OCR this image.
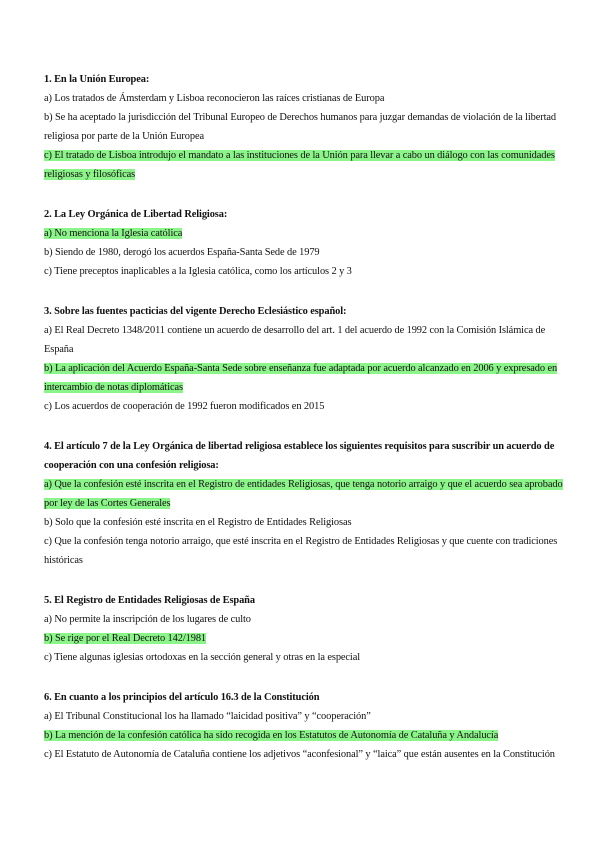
1. En la Unión Europea:

a) Los tratados de Ámsterdam y Lisboa reconocieron las raíces cristianas de Europa

b) Se ha aceptado la jurisdicción del Tribunal Europeo de Derechos humanos para juzgar demandas de violación de la libertad religiosa por parte de la Unión Europea

c) El tratado de Lisboa introdujo el mandato a las instituciones de la Unión para llevar a cabo un diálogo con las comunidades religiosas y filosóficas

2. La Ley Orgánica de Libertad Religiosa:

a) No menciona la Iglesia católica

b) Siendo de 1980, derogó los acuerdos España-Santa Sede de 1979

c) Tiene preceptos inaplicables a la Iglesia católica, como los artículos 2 y 3

3. Sobre las fuentes pacticias del vigente Derecho Eclesiástico español:

a) El Real Decreto 1348/2011 contiene un acuerdo de desarrollo del art. 1 del acuerdo de 1992 con la Comisión Islámica de España

b) La aplicación del Acuerdo España-Santa Sede sobre enseñanza fue adaptada por acuerdo alcanzado en 2006 y expresado en intercambio de notas diplomáticas

c) Los acuerdos de cooperación de 1992 fueron modificados en 2015

4. El artículo 7 de la Ley Orgánica de libertad religiosa establece los siguientes requisitos para suscribir un acuerdo de cooperación con una confesión religiosa:

a) Que la confesión esté inscrita en el Registro de entidades Religiosas, que tenga notorio arraigo y que el acuerdo sea aprobado por ley de las Cortes Generales

b) Solo que la confesión esté inscrita en el Registro de Entidades Religiosas

c) Que la confesión tenga notorio arraigo, que esté inscrita en el Registro de Entidades Religiosas y que cuente con tradiciones históricas

5. El Registro de Entidades Religiosas de España

a) No permite la inscripción de los lugares de culto

b) Se rige por el Real Decreto 142/1981

c) Tiene algunas iglesias ortodoxas en la sección general y otras en la especial

6. En cuanto a los principios del artículo 16.3 de la Constitución

a) El Tribunal Constitucional los ha llamado “laicidad positiva” y “cooperación”

b) La mención de la confesión católica ha sido recogida en los Estatutos de Autonomía de Cataluña y Andalucía

c) El Estatuto de Autonomía de Cataluña contiene los adjetivos “aconfesional” y “laica” que están ausentes en la Constitución
